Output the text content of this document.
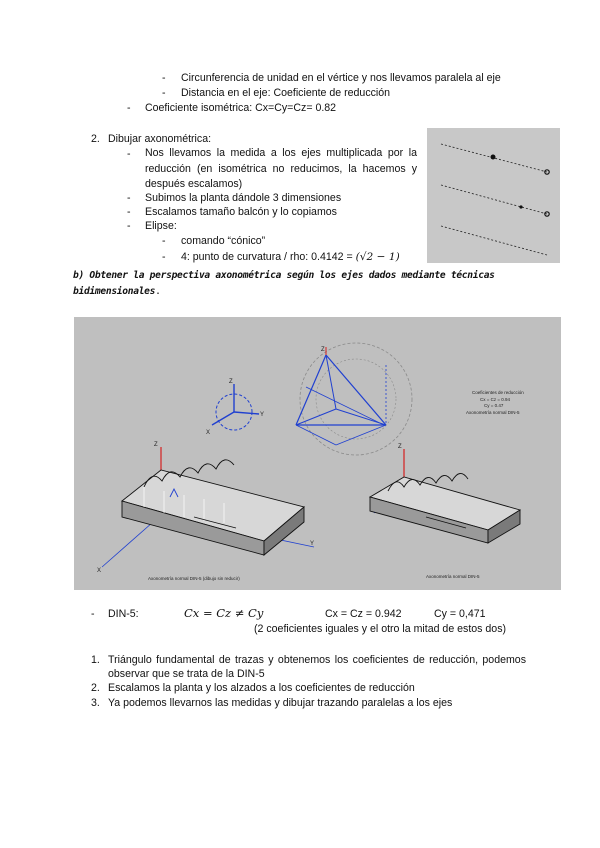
- Circunferencia de unidad en el vértice y nos llevamos paralela al eje
- Distancia en el eje: Coeficiente de reducción
- Coeficiente isométrica: Cx=Cy=Cz= 0.82
2. Dibujar axonométrica:
- Nos llevamos la medida a los ejes multiplicada por la reducción (en isométrica no reducimos, la hacemos y después escalamos)
- Subimos la planta dándole 3 dimensiones
- Escalamos tamaño balcón y lo copiamos
- Elipse:
- comando “cónico”
- 4: punto de curvatura / rho: 0.4142 = (√2 − 1)
b) Obtener la perspectiva axonométrica según los ejes dados mediante técnicas bidimensionales.
Z
X
Y
Z
Coeficientes de reducción
Cx = Cz = 0.94
Cy = 0.47
Axonometría normal DIN-5
Z
X
Y
Z
Axonometría normal DIN-5 (dibujo sin reducir)	Axonometría normal DIN-5
- DIN-5:	Cx = Cz ≠ Cy	Cx = Cz = 0.942	Cy = 0,471
(2 coeficientes iguales y el otro la mitad de estos dos)
1. Triángulo fundamental de trazas y obtenemos los coeficientes de reducción, podemos observar que se trata de la DIN-5
2. Escalamos la planta y los alzados a los coeficientes de reducción
3. Ya podemos llevarnos las medidas y dibujar trazando paralelas a los ejes
